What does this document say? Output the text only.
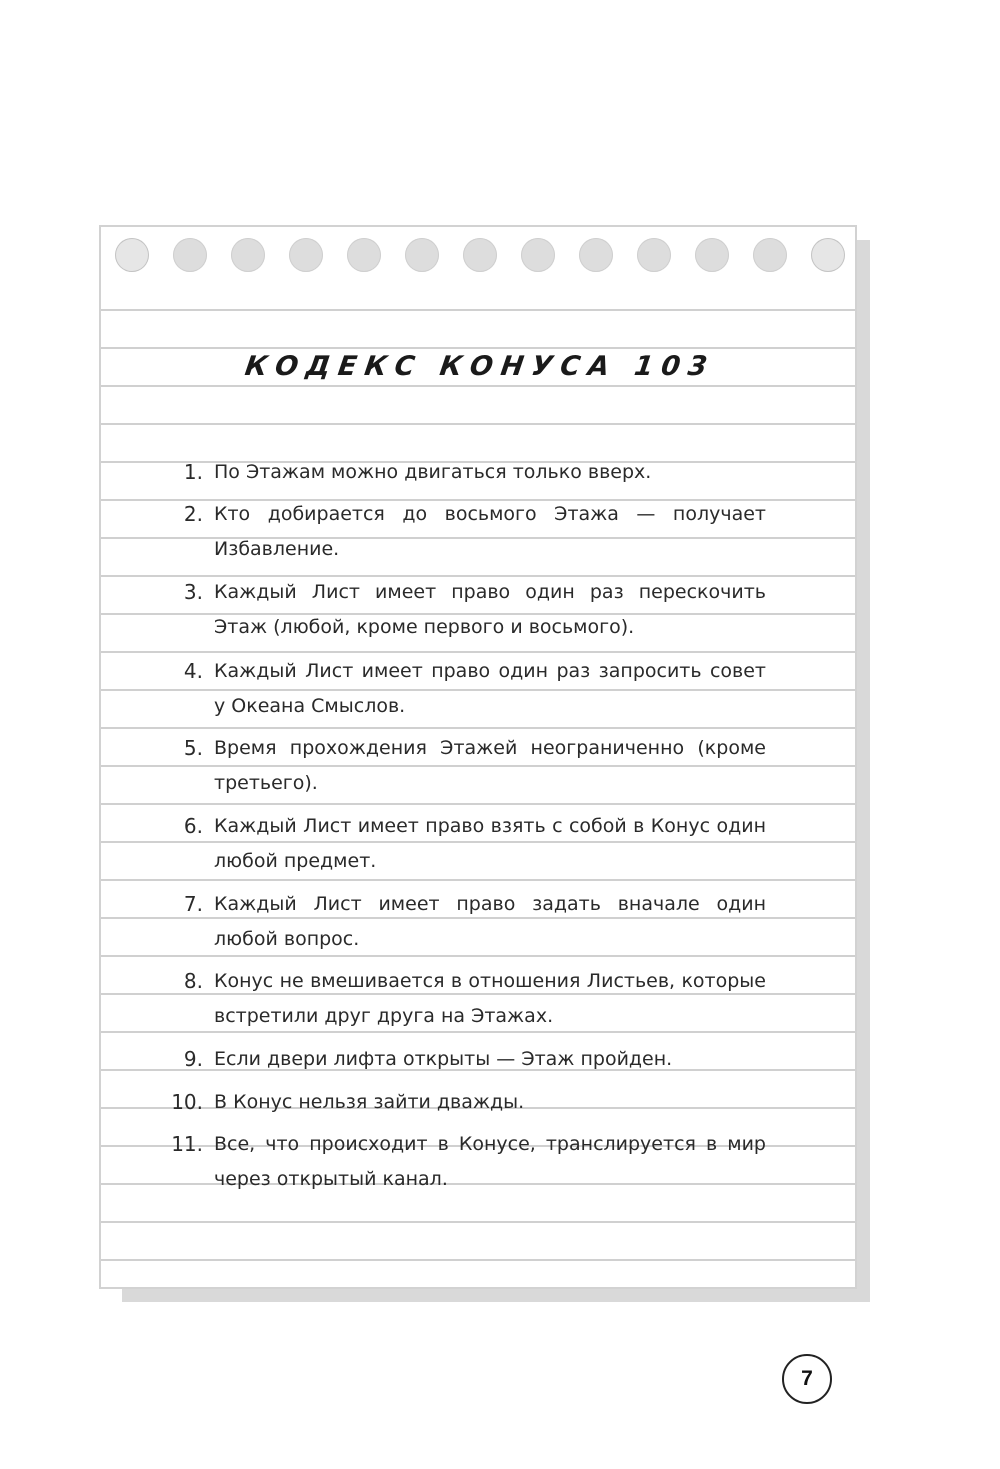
КОДЕКС КОНУСА 103
1. По Этажам можно двигаться только вверх.
2. Кто добирается до восьмого Этажа — получает Избавление.
3. Каждый Лист имеет право один раз перескочить Этаж (любой, кроме первого и восьмого).
4. Каждый Лист имеет право один раз запросить совет у Океана Смыслов.
5. Время прохождения Этажей неограниченно (кроме третьего).
6. Каждый Лист имеет право взять с собой в Конус один любой предмет.
7. Каждый Лист имеет право задать вначале один любой вопрос.
8. Конус не вмешивается в отношения Листьев, которые встретили друг друга на Этажах.
9. Если двери лифта открыты — Этаж пройден.
10. В Конус нельзя зайти дважды.
11. Все, что происходит в Конусе, транслируется в мир через открытый канал.
7
